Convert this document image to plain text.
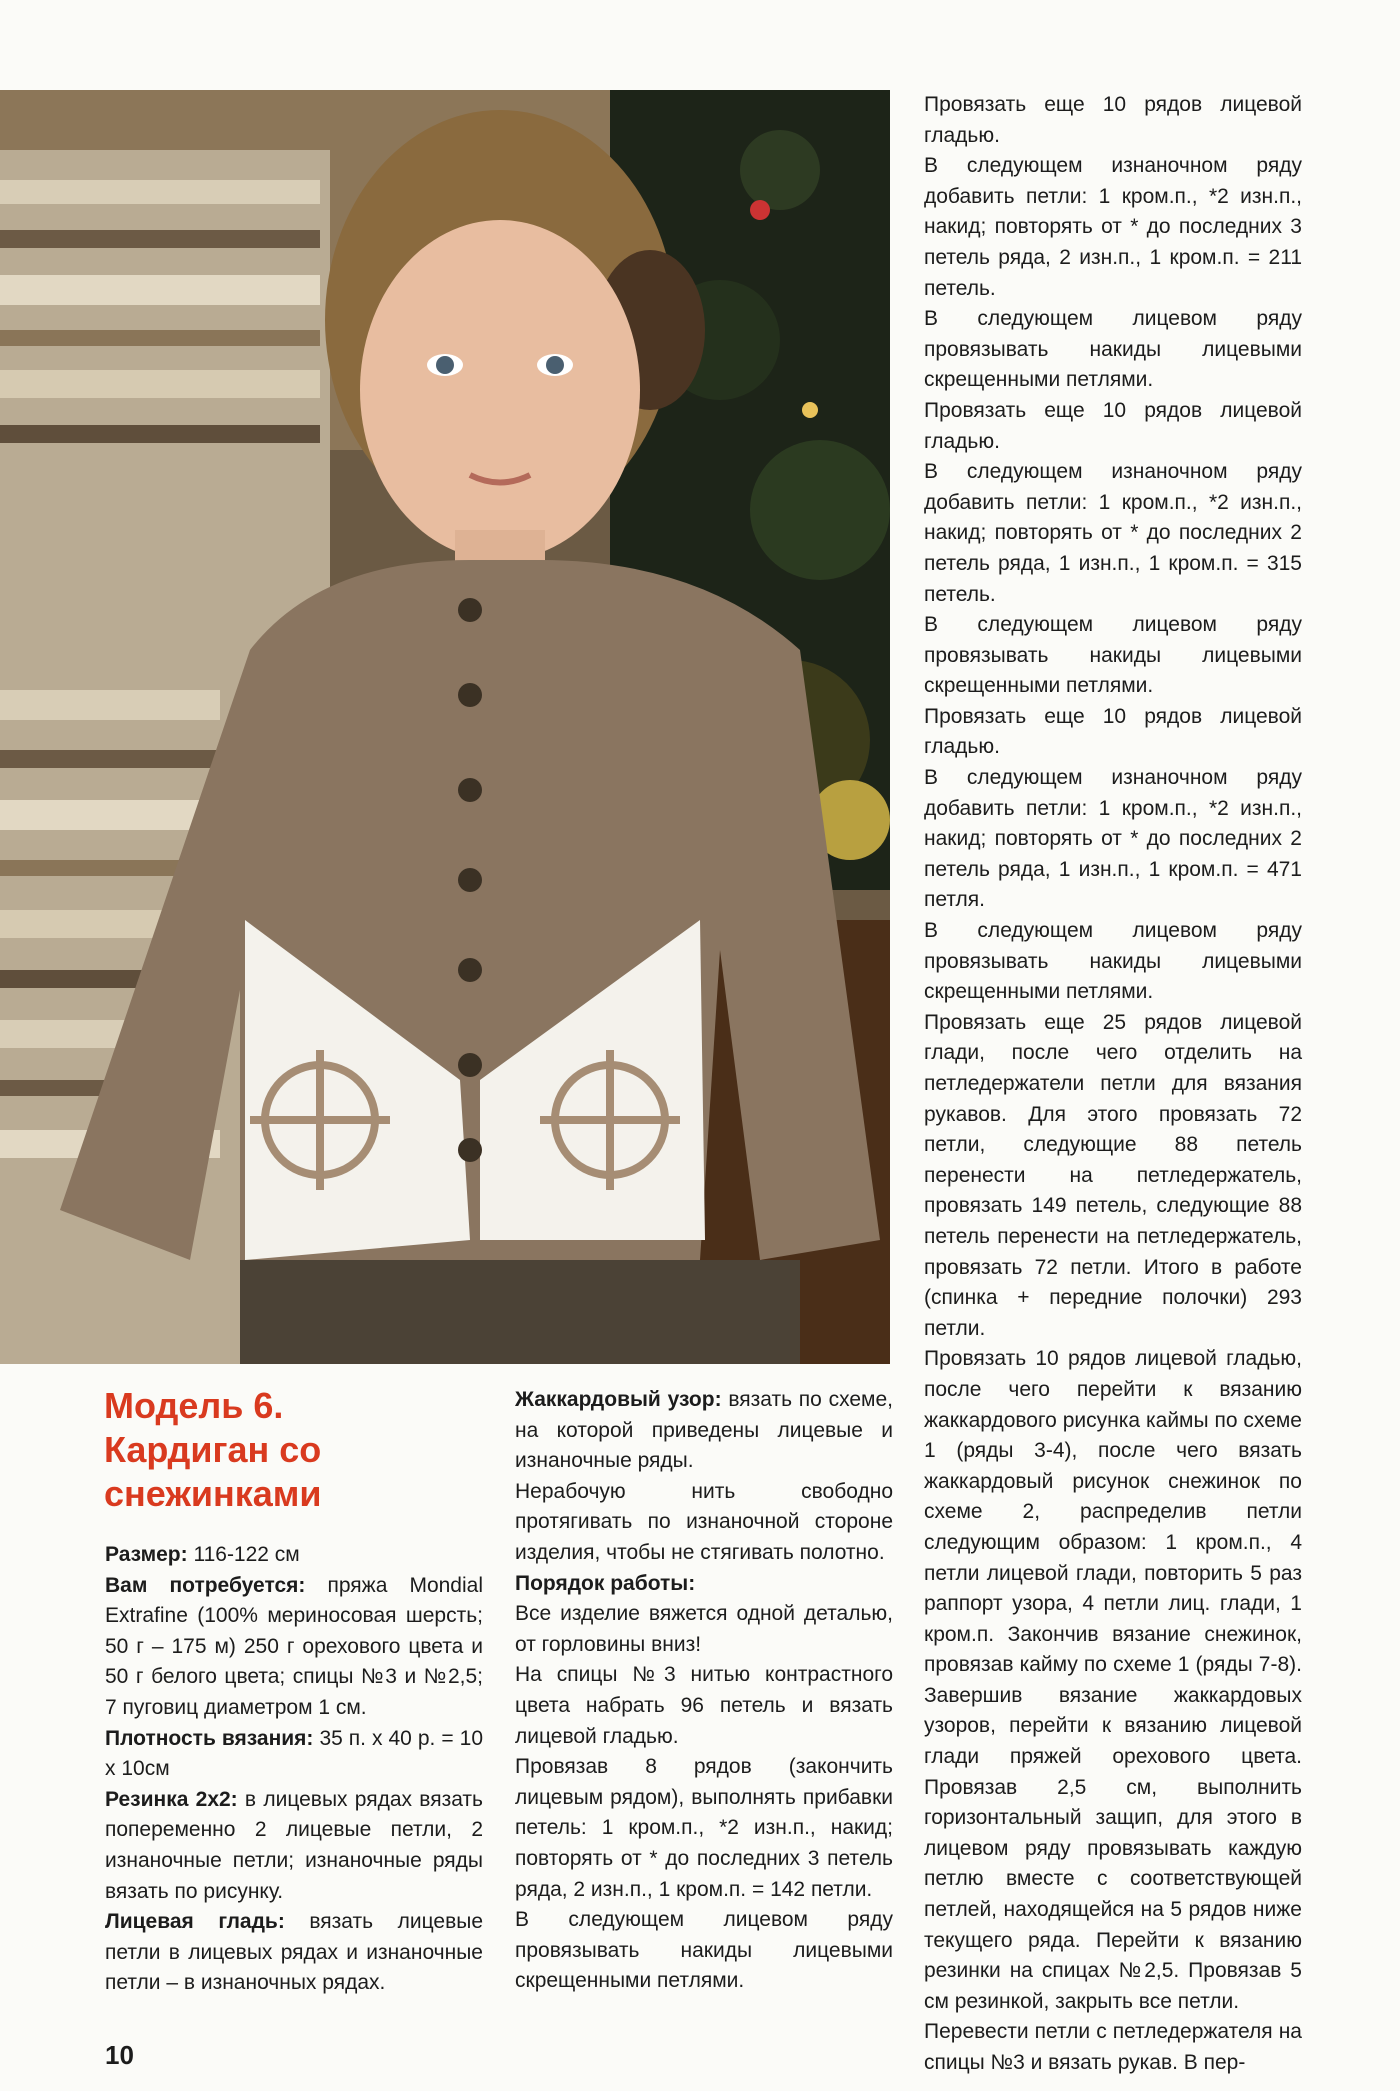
Модель 6.
Кардиган со
снежинками

Размер: 116-122 см

Вам потребуется: пряжа Mondial Extrafine (100% мериносовая шерсть; 50 г – 175 м) 250 г орехового цвета и 50 г белого цвета; спицы №3 и №2,5; 7 пуговиц диаметром 1 см.

Плотность вязания: 35 п. х 40 р. = 10 х 10см

Резинка 2х2: в лицевых рядах вязать попеременно 2 лицевые петли, 2 изнаночные петли; изнаночные ряды вязать по рисунку.

Лицевая гладь: вязать лицевые петли в лицевых рядах и изнаночные петли – в изнаночных рядах.

Жаккардовый узор: вязать по схеме, на которой приведены лицевые и изнаночные ряды.

Нерабочую нить свободно протягивать по изнаночной стороне изделия, чтобы не стягивать полотно.

Порядок работы:

Все изделие вяжется одной деталью, от горловины вниз!

На спицы №3 нитью контрастного цвета набрать 96 петель и вязать лицевой гладью.

Провязав 8 рядов (закончить лицевым рядом), выполнять прибавки петель: 1 кром.п., *2 изн.п., накид; повторять от * до последних 3 петель ряда, 2 изн.п., 1 кром.п. = 142 петли.

В следующем лицевом ряду провязывать накиды лицевыми скрещенными петлями.

Провязать еще 10 рядов лицевой гладью.

В следующем изнаночном ряду добавить петли: 1 кром.п., *2 изн.п., накид; повторять от * до последних 3 петель ряда, 2 изн.п., 1 кром.п. = 211 петель.

В следующем лицевом ряду провязывать накиды лицевыми скрещенными петлями.

Провязать еще 10 рядов лицевой гладью.

В следующем изнаночном ряду добавить петли: 1 кром.п., *2 изн.п., накид; повторять от * до последних 2 петель ряда, 1 изн.п., 1 кром.п. = 315 петель.

В следующем лицевом ряду провязывать накиды лицевыми скрещенными петлями.

Провязать еще 10 рядов лицевой гладью.

В следующем изнаночном ряду добавить петли: 1 кром.п., *2 изн.п., накид; повторять от * до последних 2 петель ряда, 1 изн.п., 1 кром.п. = 471 петля.

В следующем лицевом ряду провязывать накиды лицевыми скрещенными петлями.

Провязать еще 25 рядов лицевой глади, после чего отделить на петледержатели петли для вязания рукавов. Для этого провязать 72 петли, следующие 88 петель перенести на петледержатель, провязать 149 петель, следующие 88 петель перенести на петледержатель, провязать 72 петли. Итого в работе (спинка + передние полочки) 293 петли.

Провязать 10 рядов лицевой гладью, после чего перейти к вязанию жаккардового рисунка каймы по схеме 1 (ряды 3-4), после чего вязать жаккардовый рисунок снежинок по схеме 2, распределив петли следующим образом: 1 кром.п., 4 петли лицевой глади, повторить 5 раз раппорт узора, 4 петли лиц. глади, 1 кром.п. Закончив вязание снежинок, провязав кайму по схеме 1 (ряды 7-8). Завершив вязание жаккардовых узоров, перейти к вязанию лицевой глади пряжей орехового цвета. Провязав 2,5 см, выполнить горизонтальный защип, для этого в лицевом ряду провязывать каждую петлю вместе с соответствующей петлей, находящейся на 5 рядов ниже текущего ряда. Перейти к вязанию резинки на спицах №2,5. Провязав 5 см резинкой, закрыть все петли.

Перевести петли с петледержателя на спицы №3 и вязать рукав. В пер-

10
